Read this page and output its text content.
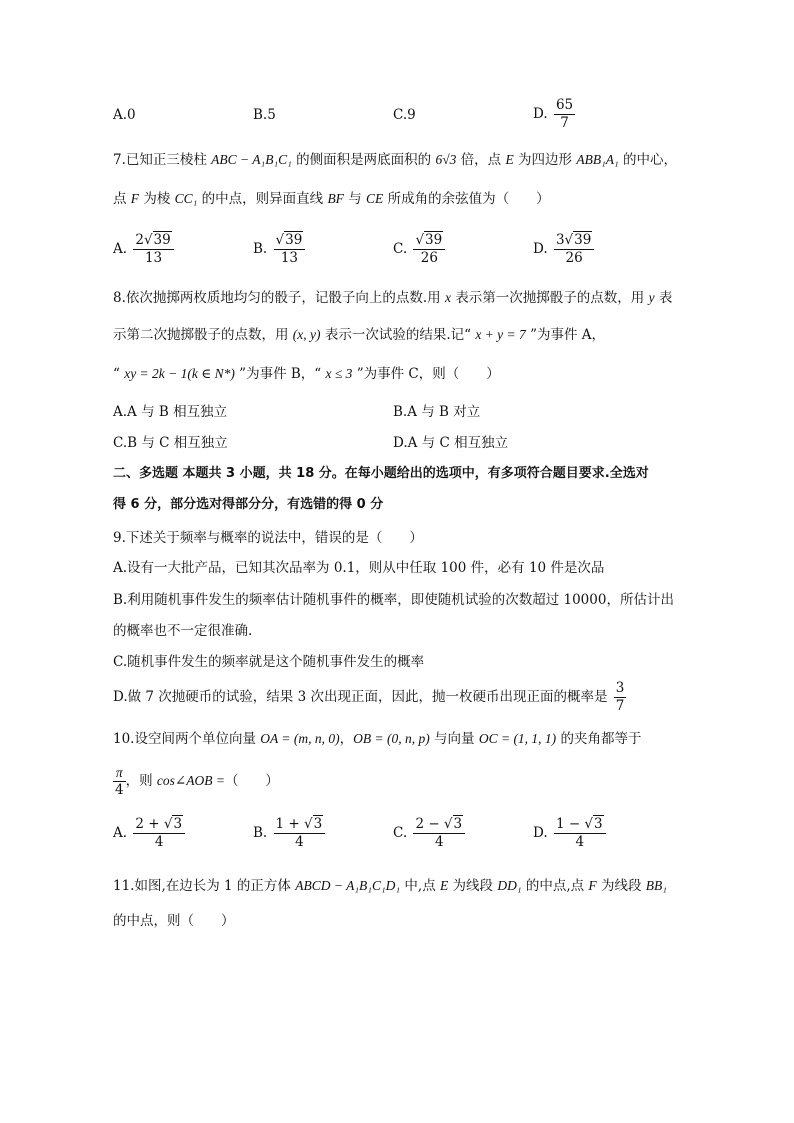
A.0	B.5	C.9	D. $\frac{65}{7}$
7.已知正三棱柱 ABC − A₁B₁C₁ 的侧面积是两底面积的 6√3 倍，点 E 为四边形 ABB₁A₁ 的中心，
点 F 为棱 CC₁ 的中点，则异面直线 BF 与 CE 所成角的余弦值为（　　）
A. $\frac{2√39}{13}$	B. $\frac{√39}{13}$	C. $\frac{√39}{26}$	D. $\frac{3√39}{26}$
8.依次抛掷两枚质地均匀的骰子，记骰子向上的点数.用 x 表示第一次抛掷骰子的点数，用 y 表
示第二次抛掷骰子的点数，用 (x, y) 表示一次试验的结果.记“ x + y = 7 ”为事件 A，
“ xy = 2k − 1(k ∈ N*) ”为事件 B，“ x ≤ 3 ”为事件 C，则（　　）
A.A 与 B 相互独立	B.A 与 B 对立
C.B 与 C 相互独立	D.A 与 C 相互独立
二、多选题 本题共 3 小题，共 18 分。在每小题给出的选项中，有多项符合题目要求.全选对
得 6 分，部分选对得部分分，有选错的得 0 分
9.下述关于频率与概率的说法中，错误的是（　　）
A.设有一大批产品，已知其次品率为 0.1，则从中任取 100 件，必有 10 件是次品
B.利用随机事件发生的频率估计随机事件的概率，即使随机试验的次数超过 10000，所估计出
的概率也不一定很准确.
C.随机事件发生的频率就是这个随机事件发生的概率
D.做 7 次抛硬币的试验，结果 3 次出现正面，因此，抛一枚硬币出现正面的概率是 $\frac{3}{7}$
10.设空间两个单位向量 OA = (m, n, 0)，OB = (0, n, p) 与向量 OC = (1, 1, 1) 的夹角都等于
$\frac{\pi}{4}$ ，则 cos∠AOB =（　　）
A. $\frac{2 + √3}{4}$	B. $\frac{1 + √3}{4}$	C. $\frac{2 - √3}{4}$	D. $\frac{1 - √3}{4}$
11.如图,在边长为 1 的正方体 ABCD − A₁B₁C₁D₁ 中,点 E 为线段 DD₁ 的中点,点 F 为线段 BB₁
的中点，则（　　）
